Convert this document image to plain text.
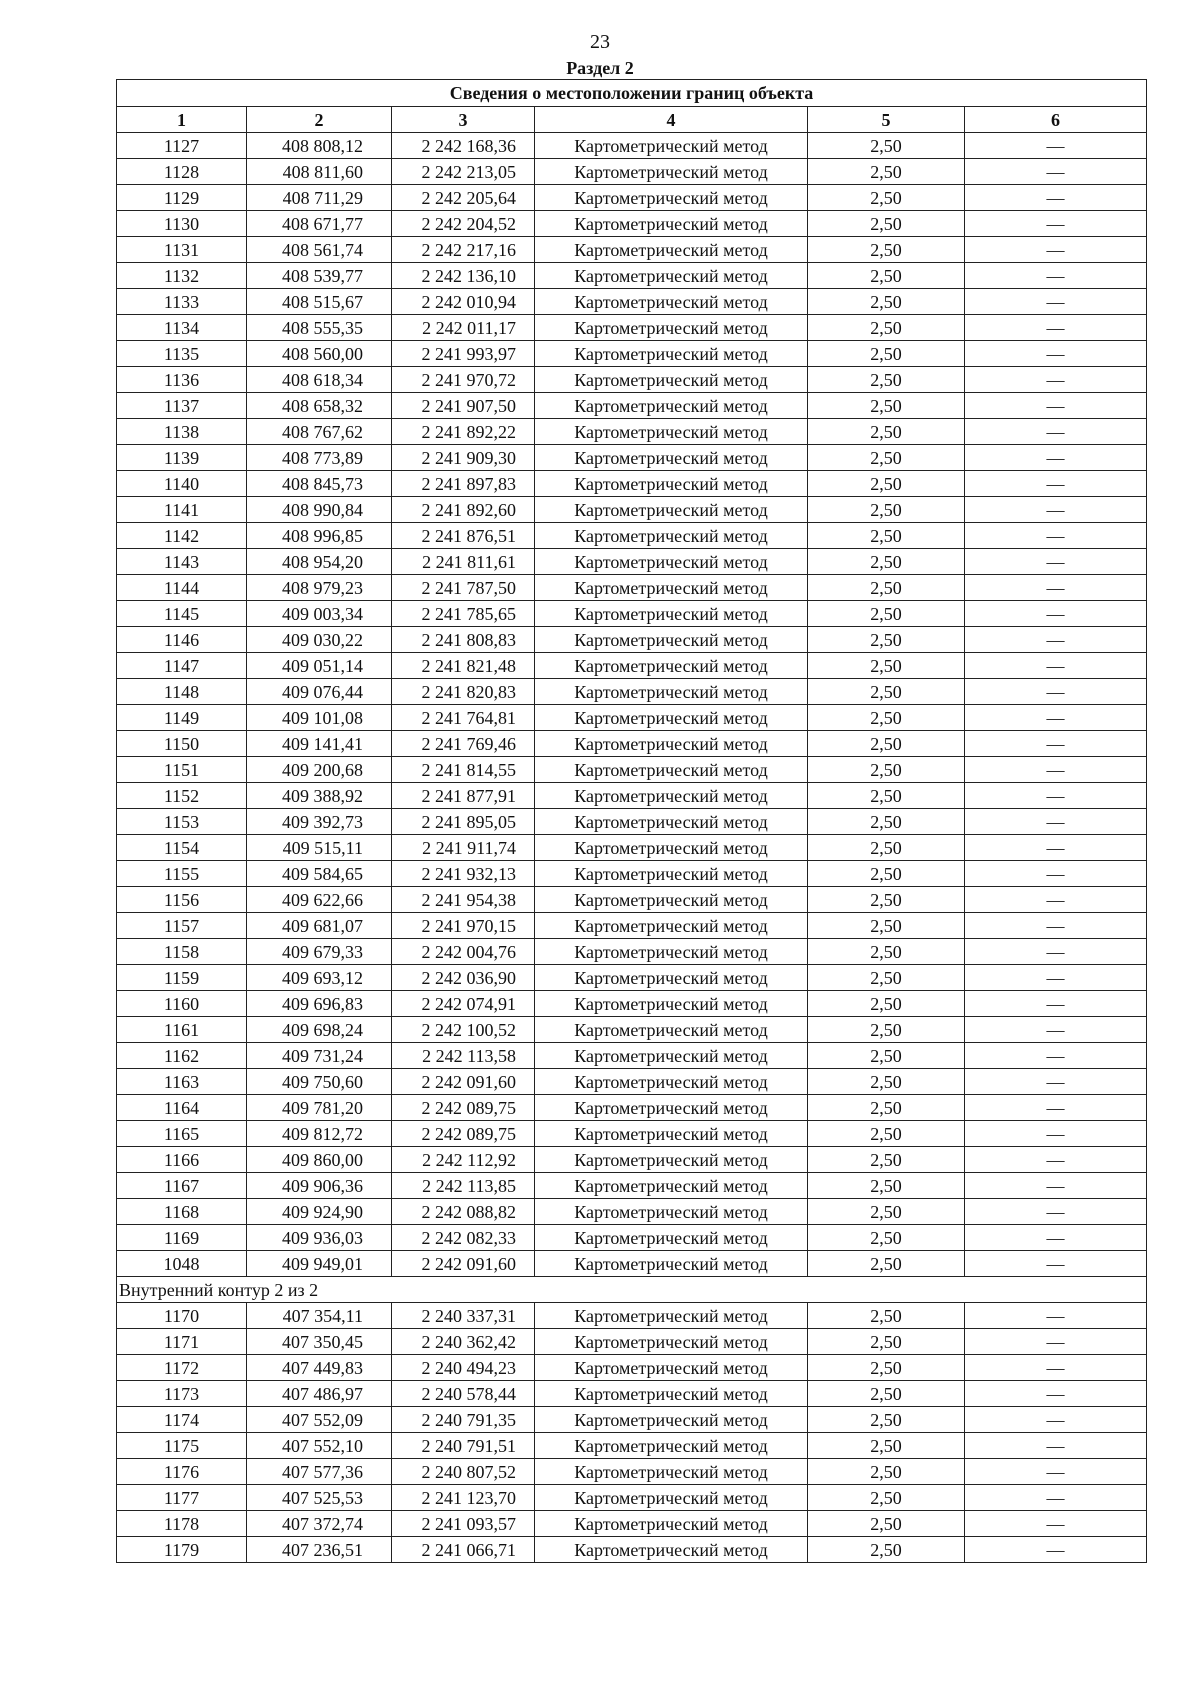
23
Раздел 2
Сведения о местоположении границ объекта					
1	2	3	4	5	6
1127	408 808,12	2 242 168,36	Картометрический метод	2,50	—
1128	408 811,60	2 242 213,05	Картометрический метод	2,50	—
1129	408 711,29	2 242 205,64	Картометрический метод	2,50	—
1130	408 671,77	2 242 204,52	Картометрический метод	2,50	—
1131	408 561,74	2 242 217,16	Картометрический метод	2,50	—
1132	408 539,77	2 242 136,10	Картометрический метод	2,50	—
1133	408 515,67	2 242 010,94	Картометрический метод	2,50	—
1134	408 555,35	2 242 011,17	Картометрический метод	2,50	—
1135	408 560,00	2 241 993,97	Картометрический метод	2,50	—
1136	408 618,34	2 241 970,72	Картометрический метод	2,50	—
1137	408 658,32	2 241 907,50	Картометрический метод	2,50	—
1138	408 767,62	2 241 892,22	Картометрический метод	2,50	—
1139	408 773,89	2 241 909,30	Картометрический метод	2,50	—
1140	408 845,73	2 241 897,83	Картометрический метод	2,50	—
1141	408 990,84	2 241 892,60	Картометрический метод	2,50	—
1142	408 996,85	2 241 876,51	Картометрический метод	2,50	—
1143	408 954,20	2 241 811,61	Картометрический метод	2,50	—
1144	408 979,23	2 241 787,50	Картометрический метод	2,50	—
1145	409 003,34	2 241 785,65	Картометрический метод	2,50	—
1146	409 030,22	2 241 808,83	Картометрический метод	2,50	—
1147	409 051,14	2 241 821,48	Картометрический метод	2,50	—
1148	409 076,44	2 241 820,83	Картометрический метод	2,50	—
1149	409 101,08	2 241 764,81	Картометрический метод	2,50	—
1150	409 141,41	2 241 769,46	Картометрический метод	2,50	—
1151	409 200,68	2 241 814,55	Картометрический метод	2,50	—
1152	409 388,92	2 241 877,91	Картометрический метод	2,50	—
1153	409 392,73	2 241 895,05	Картометрический метод	2,50	—
1154	409 515,11	2 241 911,74	Картометрический метод	2,50	—
1155	409 584,65	2 241 932,13	Картометрический метод	2,50	—
1156	409 622,66	2 241 954,38	Картометрический метод	2,50	—
1157	409 681,07	2 241 970,15	Картометрический метод	2,50	—
1158	409 679,33	2 242 004,76	Картометрический метод	2,50	—
1159	409 693,12	2 242 036,90	Картометрический метод	2,50	—
1160	409 696,83	2 242 074,91	Картометрический метод	2,50	—
1161	409 698,24	2 242 100,52	Картометрический метод	2,50	—
1162	409 731,24	2 242 113,58	Картометрический метод	2,50	—
1163	409 750,60	2 242 091,60	Картометрический метод	2,50	—
1164	409 781,20	2 242 089,75	Картометрический метод	2,50	—
1165	409 812,72	2 242 089,75	Картометрический метод	2,50	—
1166	409 860,00	2 242 112,92	Картометрический метод	2,50	—
1167	409 906,36	2 242 113,85	Картометрический метод	2,50	—
1168	409 924,90	2 242 088,82	Картометрический метод	2,50	—
1169	409 936,03	2 242 082,33	Картометрический метод	2,50	—
1048	409 949,01	2 242 091,60	Картометрический метод	2,50	—
Внутренний контур 2 из 2					
1170	407 354,11	2 240 337,31	Картометрический метод	2,50	—
1171	407 350,45	2 240 362,42	Картометрический метод	2,50	—
1172	407 449,83	2 240 494,23	Картометрический метод	2,50	—
1173	407 486,97	2 240 578,44	Картометрический метод	2,50	—
1174	407 552,09	2 240 791,35	Картометрический метод	2,50	—
1175	407 552,10	2 240 791,51	Картометрический метод	2,50	—
1176	407 577,36	2 240 807,52	Картометрический метод	2,50	—
1177	407 525,53	2 241 123,70	Картометрический метод	2,50	—
1178	407 372,74	2 241 093,57	Картометрический метод	2,50	—
1179	407 236,51	2 241 066,71	Картометрический метод	2,50	—
